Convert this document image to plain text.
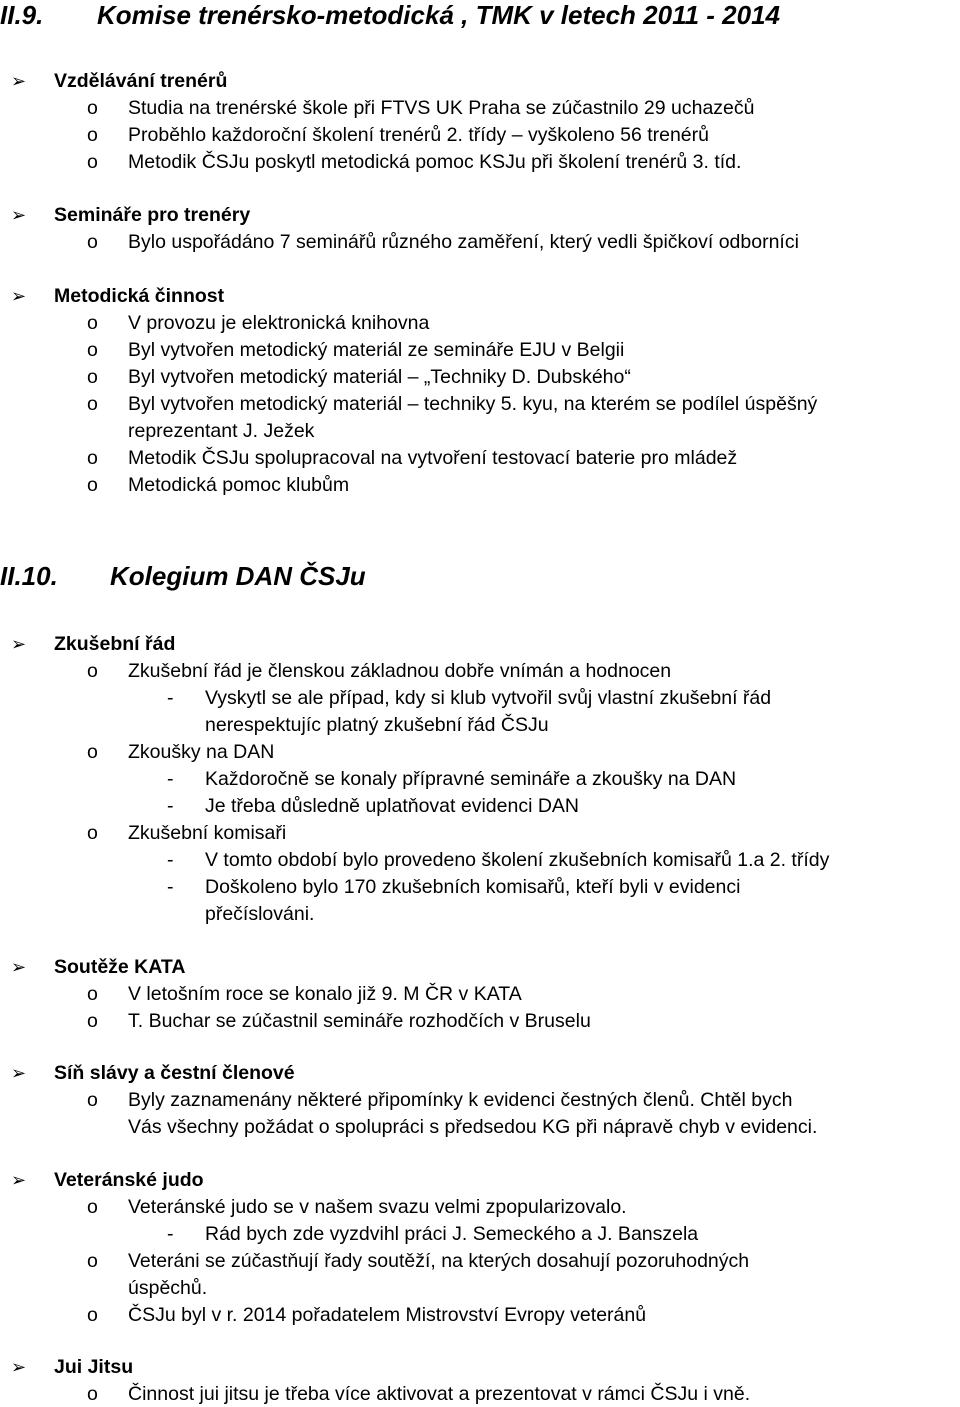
II.9. Komise trenérsko-metodická , TMK v letech 2011 - 2014
➢ Vzdělávání trenérů
o Studia na trenérské škole při FTVS UK Praha se zúčastnilo 29 uchazečů
o Proběhlo každoroční školení trenérů 2. třídy – vyškoleno 56 trenérů
o Metodik ČSJu poskytl metodická pomoc KSJu při školení trenérů 3. tíd.
➢ Semináře pro trenéry
o Bylo uspořádáno 7 seminářů různého zaměření, který vedli špičkoví odborníci
➢ Metodická činnost
o V provozu je elektronická knihovna
o Byl vytvořen metodický materiál ze semináře EJU v Belgii
o Byl vytvořen metodický materiál – „Techniky D. Dubského“
o Byl vytvořen metodický materiál – techniky 5. kyu, na kterém se podílel úspěšný
reprezentant J. Ježek
o Metodik ČSJu spolupracoval na vytvoření testovací baterie pro mládež
o Metodická pomoc klubům
II.10. Kolegium DAN ČSJu
➢ Zkušební řád
o Zkušební řád je členskou základnou dobře vnímán a hodnocen
- Vyskytl se ale případ, kdy si klub vytvořil svůj vlastní zkušební řád
nerespektujíc platný zkušební řád ČSJu
o Zkoušky na DAN
- Každoročně se konaly přípravné semináře a zkoušky na DAN
- Je třeba důsledně uplatňovat evidenci DAN
o Zkušební komisaři
- V tomto období bylo provedeno školení zkušebních komisařů 1.a 2. třídy
- Doškoleno bylo 170 zkušebních komisařů, kteří byli v evidenci
přečíslováni.
➢ Soutěže KATA
o V letošním roce se konalo již 9. M ČR v KATA
o T. Buchar se zúčastnil semináře rozhodčích v Bruselu
➢ Síň slávy a čestní členové
o Byly zaznamenány některé připomínky k evidenci čestných členů. Chtěl bych
Vás všechny požádat o spolupráci s předsedou KG při nápravě chyb v evidenci.
➢ Veteránské judo
o Veteránské judo se v našem svazu velmi zpopularizovalo.
- Rád bych zde vyzdvihl práci J. Semeckého a J. Banszela
o Veteráni se zúčastňují řady soutěží, na kterých dosahují pozoruhodných
úspěchů.
o ČSJu byl v r. 2014 pořadatelem Mistrovství Evropy veteránů
➢ Jui Jitsu
o Činnost jui jitsu je třeba více aktivovat a prezentovat v rámci ČSJu i vně.
